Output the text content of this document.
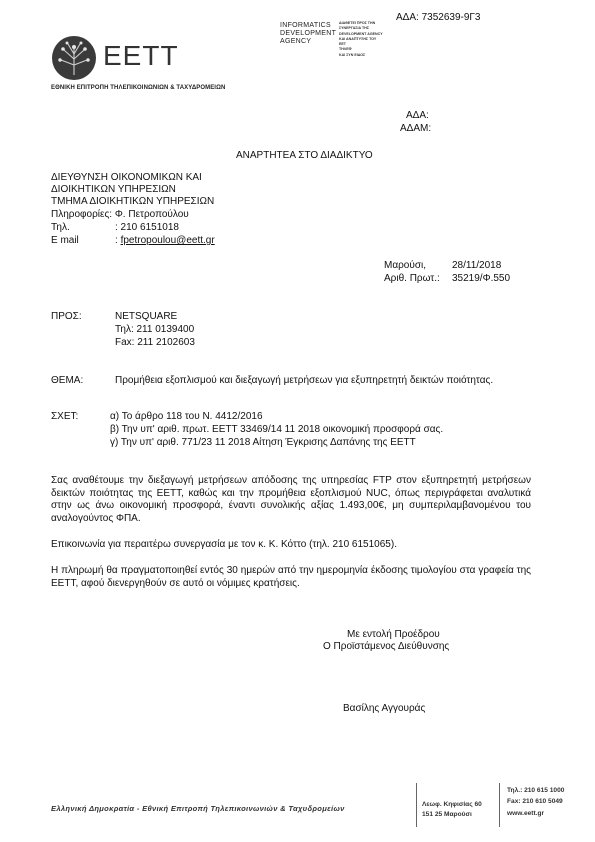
ΑΔΑ: 7352639-9Γ3
INFORMATICS
DEVELOPMENT
AGENCY
ΔΙΑΘΕΤΕΙ ΠΡΟΣ ΤΗΝ
ΣΥΝΕΡΓΑΣΙΑ ΤΗΣ
DEVELOPMENT AGENCY
ΚΑΙ ΑΝΑΠΤΥΞΗΣ ΤΟΥ
ΕΕΤ
ΤΗΛΕΦ
ΚΑΙ ΣΥΝ ΕΙΔΟΣ
ΕΕΤΤ
ΕΘΝΙΚΗ ΕΠΙΤΡΟΠΗ ΤΗΛΕΠΙΚΟΙΝΩΝΙΩΝ & ΤΑΧΥΔΡΟΜΕΙΩΝ
ΑΔΑ:
ΑΔΑΜ:
ΑΝΑΡΤΗΤΕΑ ΣΤΟ ΔΙΑΔΙΚΤΥΟ
ΔΙΕΥΘΥΝΣΗ ΟΙΚΟΝΟΜΙΚΩΝ ΚΑΙ
ΔΙΟΙΚΗΤΙΚΩΝ ΥΠΗΡΕΣΙΩΝ
ΤΜΗΜΑ ΔΙΟΙΚΗΤΙΚΩΝ ΥΠΗΡΕΣΙΩΝ
Πληροφορίες: Φ. Πετροπούλου
Τηλ.	: 210 6151018
E mail	: fpetropoulou@eett.gr
Μαρούσι,	28/11/2018
Αριθ. Πρωτ.: 35219/Φ.550
ΠΡΟΣ:	NETSQUARE
Τηλ: 211 0139400
Fax: 211 2102603
ΘΕΜΑ:	Προμήθεια εξοπλισμού και διεξαγωγή μετρήσεων για εξυπηρετητή δεικτών ποιότητας.
ΣΧΕΤ:	α) Το άρθρο 118 του Ν. 4412/2016
β) Την υπ' αριθ. πρωτ. ΕΕΤΤ 33469/14 11 2018 οικονομική προσφορά σας.
γ) Την υπ' αριθ. 771/23 11 2018 Αίτηση Έγκρισης Δαπάνης της ΕΕΤΤ
Σας αναθέτουμε την διεξαγωγή μετρήσεων απόδοσης της υπηρεσίας FTP στον εξυπηρετητή μετρήσεων δεικτών ποιότητας της ΕΕΤΤ, καθώς και την προμήθεια εξοπλισμού NUC, όπως περιγράφεται αναλυτικά στην ως άνω οικονομική προσφορά, έναντι συνολικής αξίας 1.493,00€, μη συμπεριλαμβανομένου του αναλογούντος ΦΠΑ.
Επικοινωνία για περαιτέρω συνεργασία με τον κ. Κ. Κόττο (τηλ. 210 6151065).
Η πληρωμή θα πραγματοποιηθεί εντός 30 ημερών από την ημερομηνία έκδοσης τιμολογίου στα γραφεία της ΕΕΤΤ, αφού διενεργηθούν σε αυτό οι νόμιμες κρατήσεις.
Με εντολή Προέδρου
Ο Προϊστάμενος Διεύθυνσης
Βασίλης Αγγουράς
Ελληνική Δημοκρατία - Εθνική Επιτροπή Τηλεπικοινωνιών & Ταχυδρομείων	Λεωφ. Κηφισίας 60
151 25 Μαρούσι
Τηλ.: 210 615 1000
Fax: 210 610 5049
www.eett.gr
